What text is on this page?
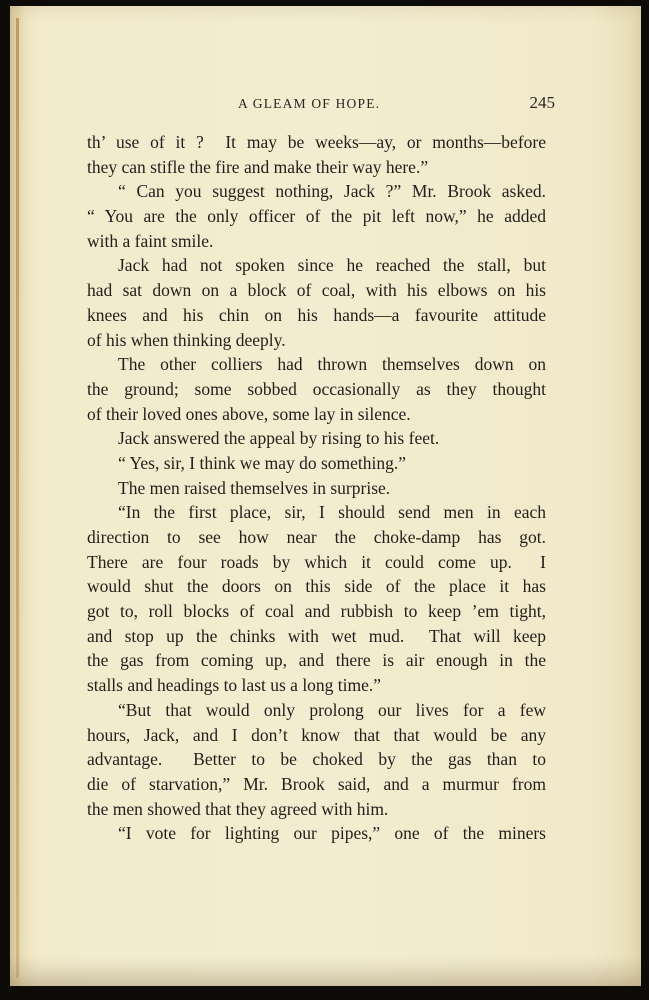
A GLEAM OF HOPE.	245
th’ use of it ?  It may be weeks—ay, or months—before
they can stifle the fire and make their way here.”
“ Can you suggest nothing, Jack ?” Mr. Brook asked.
“ You are the only officer of the pit left now,” he added
with a faint smile.
Jack had not spoken since he reached the stall, but
had sat down on a block of coal, with his elbows on his
knees and his chin on his hands—a favourite attitude
of his when thinking deeply.
The other colliers had thrown themselves down on
the ground; some sobbed occasionally as they thought
of their loved ones above, some lay in silence.
Jack answered the appeal by rising to his feet.
“ Yes, sir, I think we may do something.”
The men raised themselves in surprise.
“In the first place, sir, I should send men in each
direction to see how near the choke-damp has got.
There are four roads by which it could come up.  I
would shut the doors on this side of the place it has
got to, roll blocks of coal and rubbish to keep ’em tight,
and stop up the chinks with wet mud.  That will keep
the gas from coming up, and there is air enough in the
stalls and headings to last us a long time.”
“But that would only prolong our lives for a few
hours, Jack, and I don’t know that that would be any
advantage.  Better to be choked by the gas than to
die of starvation,” Mr. Brook said, and a murmur from
the men showed that they agreed with him.
“I vote for lighting our pipes,” one of the miners
